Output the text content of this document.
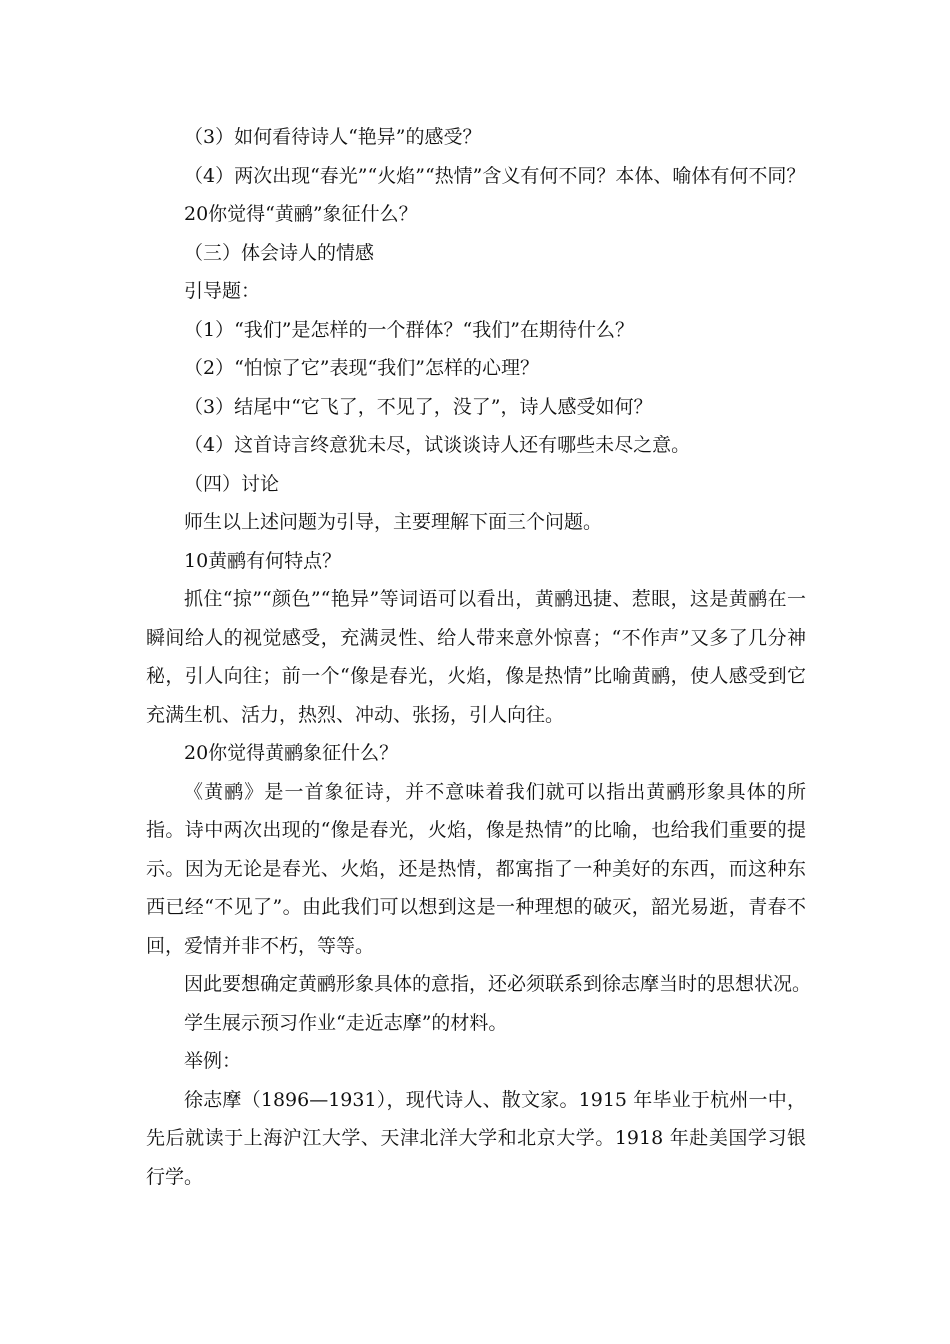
（3）如何看待诗人“艳异”的感受？

（4）两次出现“春光”“火焰”“热情”含义有何不同？本体、喻体有何不同？

20你觉得“黄鹂”象征什么？

（三）体会诗人的情感

引导题：

（1）“我们”是怎样的一个群体？“我们”在期待什么？

（2）“怕惊了它”表现“我们”怎样的心理？

（3）结尾中“它飞了，不见了，没了”，诗人感受如何？

（4）这首诗言终意犹未尽，试谈谈诗人还有哪些未尽之意。

（四）讨论

师生以上述问题为引导，主要理解下面三个问题。

10黄鹂有何特点？

抓住“掠”“颜色”“艳异”等词语可以看出，黄鹂迅捷、惹眼，这是黄鹂在一瞬间给人的视觉感受，充满灵性、给人带来意外惊喜；“不作声”又多了几分神秘，引人向往；前一个“像是春光，火焰，像是热情”比喻黄鹂，使人感受到它充满生机、活力，热烈、冲动、张扬，引人向往。

20你觉得黄鹂象征什么？

《黄鹂》是一首象征诗，并不意味着我们就可以指出黄鹂形象具体的所指。诗中两次出现的“像是春光，火焰，像是热情”的比喻，也给我们重要的提示。因为无论是春光、火焰，还是热情，都寓指了一种美好的东西，而这种东西已经“不见了”。由此我们可以想到这是一种理想的破灭，韶光易逝，青春不回，爱情并非不朽，等等。

因此要想确定黄鹂形象具体的意指，还必须联系到徐志摩当时的思想状况。

学生展示预习作业“走近志摩”的材料。

举例：

徐志摩（1896—1931），现代诗人、散文家。1915 年毕业于杭州一中，先后就读于上海沪江大学、天津北洋大学和北京大学。1918 年赴美国学习银行学。
